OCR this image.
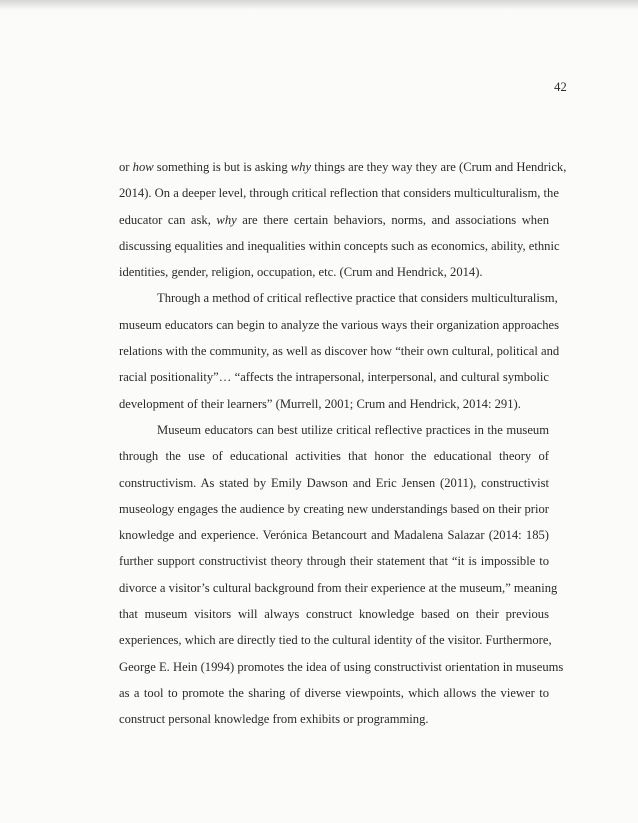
42
or how something is but is asking why things are they way they are (Crum and Hendrick,
2014). On a deeper level, through critical reflection that considers multiculturalism, the
educator can ask, why are there certain behaviors, norms, and associations when
discussing equalities and inequalities within concepts such as economics, ability, ethnic
identities, gender, religion, occupation, etc. (Crum and Hendrick, 2014).
Through a method of critical reflective practice that considers multiculturalism,
museum educators can begin to analyze the various ways their organization approaches
relations with the community, as well as discover how “their own cultural, political and
racial positionality”… “affects the intrapersonal, interpersonal, and cultural symbolic
development of their learners” (Murrell, 2001; Crum and Hendrick, 2014: 291).
Museum educators can best utilize critical reflective practices in the museum
through the use of educational activities that honor the educational theory of
constructivism. As stated by Emily Dawson and Eric Jensen (2011), constructivist
museology engages the audience by creating new understandings based on their prior
knowledge and experience. Verónica Betancourt and Madalena Salazar (2014: 185)
further support constructivist theory through their statement that “it is impossible to
divorce a visitor’s cultural background from their experience at the museum,” meaning
that museum visitors will always construct knowledge based on their previous
experiences, which are directly tied to the cultural identity of the visitor. Furthermore,
George E. Hein (1994) promotes the idea of using constructivist orientation in museums
as a tool to promote the sharing of diverse viewpoints, which allows the viewer to
construct personal knowledge from exhibits or programming.
